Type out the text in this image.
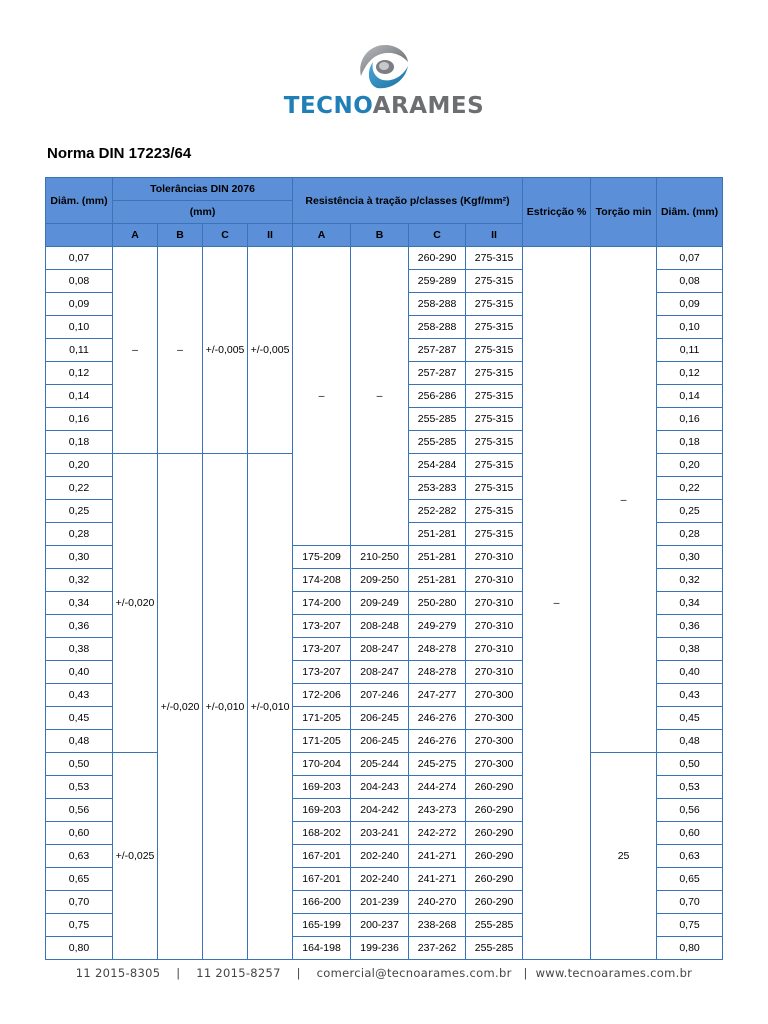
TECNOARAMES
Norma DIN 17223/64
Diâm. (mm)	Tolerâncias DIN 2076				Resistência à tração p/classes (Kgf/mm²)				Estricção %	Torção min	Diâm. (mm)
	(mm)										
	A	B	C	II	A	B	C	II			
0,07	–	–	+/-0,005	+/-0,005	–	–	260-290	275-315	–	–	0,07
0,08							259-289	275-315			0,08
0,09							258-288	275-315			0,09
0,10							258-288	275-315			0,10
0,11							257-287	275-315			0,11
0,12							257-287	275-315			0,12
0,14							256-286	275-315			0,14
0,16							255-285	275-315			0,16
0,18							255-285	275-315			0,18
0,20	+/-0,020	+/-0,020	+/-0,010	+/-0,010			254-284	275-315			0,20
0,22							253-283	275-315			0,22
0,25							252-282	275-315			0,25
0,28							251-281	275-315			0,28
0,30					175-209	210-250	251-281	270-310			0,30
0,32					174-208	209-250	251-281	270-310			0,32
0,34					174-200	209-249	250-280	270-310			0,34
0,36					173-207	208-248	249-279	270-310			0,36
0,38					173-207	208-247	248-278	270-310			0,38
0,40					173-207	208-247	248-278	270-310			0,40
0,43					172-206	207-246	247-277	270-300			0,43
0,45					171-205	206-245	246-276	270-300			0,45
0,48					171-205	206-245	246-276	270-300			0,48
0,50	+/-0,025				170-204	205-244	245-275	270-300		25	0,50
0,53					169-203	204-243	244-274	260-290			0,53
0,56					169-203	204-242	243-273	260-290			0,56
0,60					168-202	203-241	242-272	260-290			0,60
0,63					167-201	202-240	241-271	260-290			0,63
0,65					167-201	202-240	241-271	260-290			0,65
0,70					166-200	201-239	240-270	260-290			0,70
0,75					165-199	200-237	238-268	255-285			0,75
0,80					164-198	199-236	237-262	255-285			0,80
11 2015-8305    |    11 2015-8257    |    comercial@tecnoarames.com.br   |  www.tecnoarames.com.br
